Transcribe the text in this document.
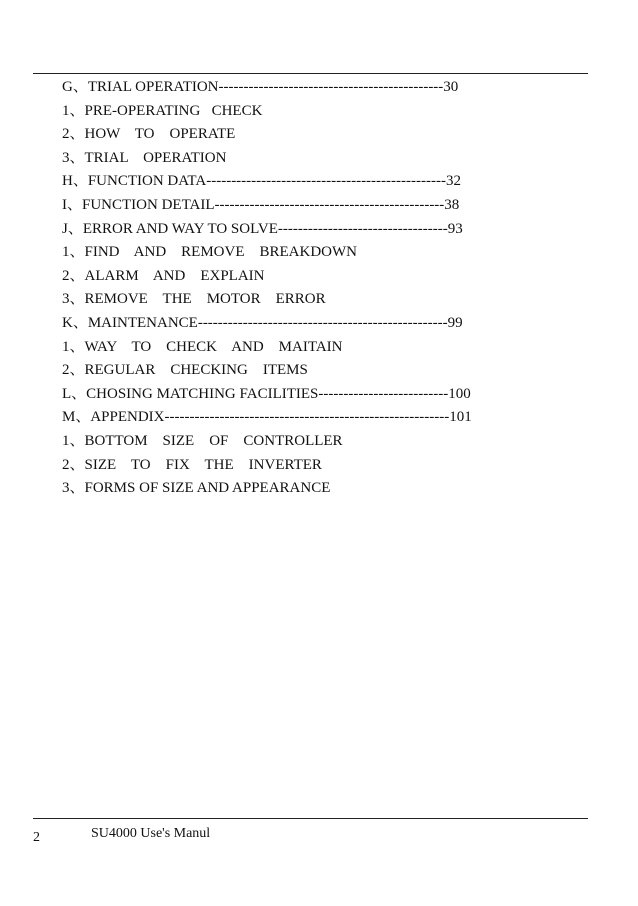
G、TRIAL OPERATION---------------------------------------------30
1、PRE-OPERATING   CHECK
2、HOW    TO    OPERATE
3、TRIAL    OPERATION
H、FUNCTION DATA------------------------------------------------32
I、FUNCTION DETAIL----------------------------------------------38
J、ERROR AND WAY TO SOLVE----------------------------------93
1、FIND    AND    REMOVE    BREAKDOWN
2、ALARM    AND    EXPLAIN
3、REMOVE    THE    MOTOR    ERROR
K、MAINTENANCE--------------------------------------------------99
1、WAY    TO    CHECK    AND    MAITAIN
2、REGULAR    CHECKING    ITEMS
L、CHOSING MATCHING FACILITIES--------------------------100
M、APPENDIX---------------------------------------------------------101
1、BOTTOM    SIZE    OF    CONTROLLER
2、SIZE    TO    FIX    THE    INVERTER
3、FORMS OF SIZE AND APPEARANCE
2	SU4000 Use's Manul
